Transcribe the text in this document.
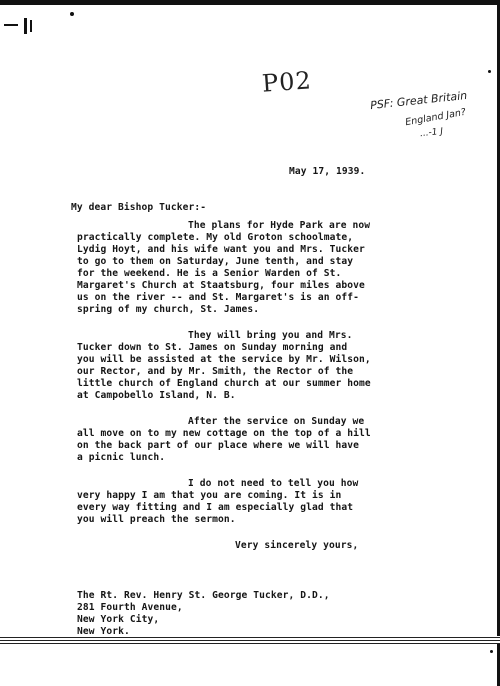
P02
PSF: Great Britain
England Jan?
...-1 J
May 17, 1939.
My dear Bishop Tucker:-
The plans for Hyde Park are now
practically complete. My old Groton schoolmate,
Lydig Hoyt, and his wife want you and Mrs. Tucker
to go to them on Saturday, June tenth, and stay
for the weekend. He is a Senior Warden of St.
Margaret's Church at Staatsburg, four miles above
us on the river -- and St. Margaret's is an off-
spring of my church, St. James.
They will bring you and Mrs.
Tucker down to St. James on Sunday morning and
you will be assisted at the service by Mr. Wilson,
our Rector, and by Mr. Smith, the Rector of the
little church of England church at our summer home
at Campobello Island, N. B.
After the service on Sunday we
all move on to my new cottage on the top of a hill
on the back part of our place where we will have
a picnic lunch.
I do not need to tell you how
very happy I am that you are coming. It is in
every way fitting and I am especially glad that
you will preach the sermon.
Very sincerely yours,
The Rt. Rev. Henry St. George Tucker, D.D.,
281 Fourth Avenue,
New York City,
New York.
